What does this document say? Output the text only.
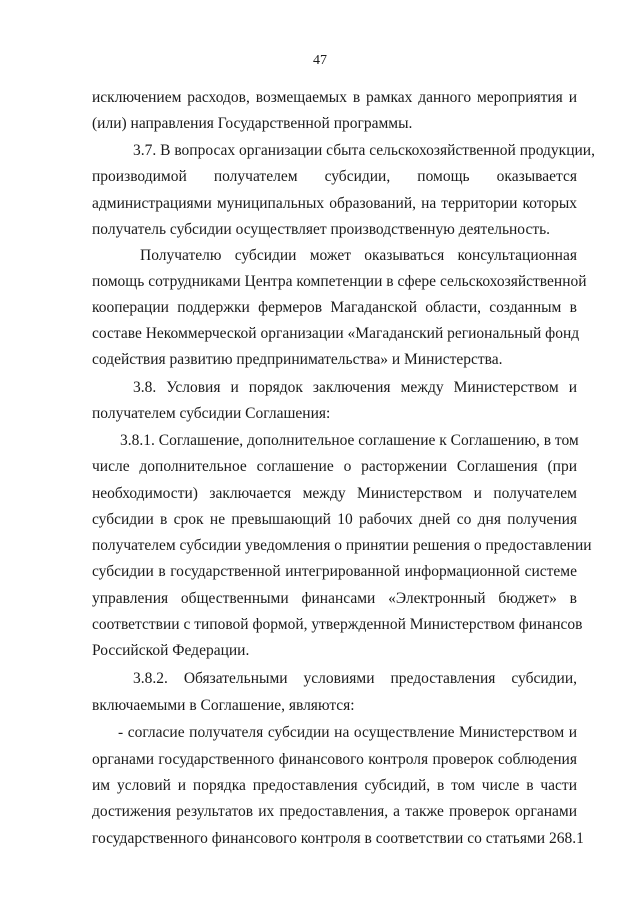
47
исключением расходов, возмещаемых в рамках данного мероприятия и
(или) направления Государственной программы.
3.7. В вопросах организации сбыта сельскохозяйственной продукции,
производимой получателем субсидии, помощь оказывается
администрациями муниципальных образований, на территории которых
получатель субсидии осуществляет производственную деятельность.
Получателю субсидии может оказываться консультационная
помощь сотрудниками Центра компетенции в сфере сельскохозяйственной
кооперации поддержки фермеров Магаданской области, созданным в
составе Некоммерческой организации «Магаданский региональный фонд
содействия развитию предпринимательства» и Министерства.
3.8. Условия и порядок заключения между Министерством и
получателем субсидии Соглашения:
3.8.1. Соглашение, дополнительное соглашение к Соглашению, в том
числе дополнительное соглашение о расторжении Соглашения (при
необходимости) заключается между Министерством и получателем
субсидии в срок не превышающий 10 рабочих дней со дня получения
получателем субсидии уведомления о принятии решения о предоставлении
субсидии в государственной интегрированной информационной системе
управления общественными финансами «Электронный бюджет» в
соответствии с типовой формой, утвержденной Министерством финансов
Российской Федерации.
3.8.2. Обязательными условиями предоставления субсидии,
включаемыми в Соглашение, являются:
- согласие получателя субсидии на осуществление Министерством и
органами государственного финансового контроля проверок соблюдения
им условий и порядка предоставления субсидий, в том числе в части
достижения результатов их предоставления, а также проверок органами
государственного финансового контроля в соответствии со статьями 268.1
